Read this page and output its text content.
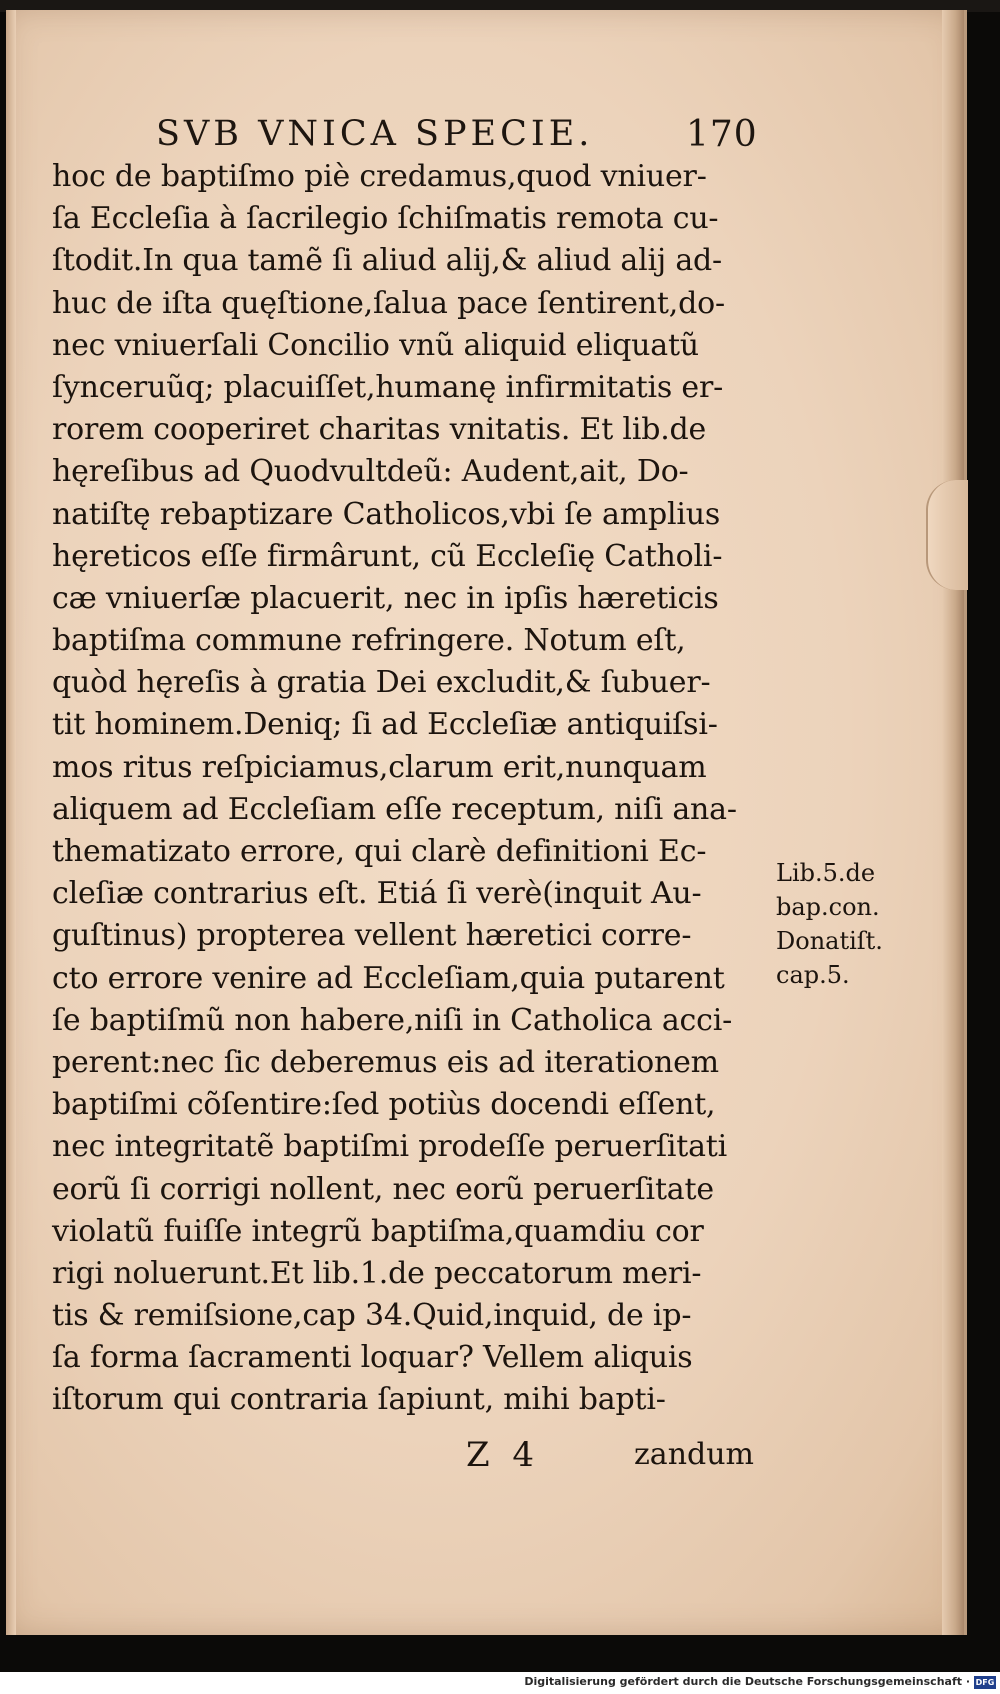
SVB VNICA SPECIE.	170
hoc de baptiſmo piè credamus,quod vniuer-
ſa Eccleſia à ſacrilegio ſchiſmatis remota cu-
ſtodit.In qua tamẽ ſi aliud alij,& aliud alij ad-
huc de iſta quęſtione,ſalua pace ſentirent,do-
nec vniuerſali Concilio vnũ aliquid eliquatũ
ſynceruũq; placuiſſet,humanę infirmitatis er-
rorem cooperiret charitas vnitatis. Et lib.de
hęreſibus ad Quodvultdeũ: Audent,ait, Do-
natiſtę rebaptizare Catholicos,vbi ſe amplius
hęreticos eſſe firmârunt, cũ Eccleſię Catholi-
cæ vniuerſæ placuerit, nec in ipſis hæreticis
baptiſma commune refringere. Notum eſt,
quòd hęreſis à gratia Dei excludit,& ſubuer-
tit hominem.Deniq; ſi ad Eccleſiæ antiquiſsi-
mos ritus reſpiciamus,clarum erit,nunquam
aliquem ad Eccleſiam eſſe receptum, niſi ana-
thematizato errore, qui clarè definitioni Ec-
cleſiæ contrarius eſt. Etiá ſi verè(inquit Au-
guſtinus) propterea vellent hæretici corre-
cto errore venire ad Eccleſiam,quia putarent
ſe baptiſmũ non habere,niſi in Catholica acci-
perent:nec ſic deberemus eis ad iterationem
baptiſmi cõſentire:ſed potiùs docendi eſſent,
nec integritatẽ baptiſmi prodeſſe peruerſitati
eorũ ſi corrigi nollent, nec eorũ peruerſitate
violatũ fuiſſe integrũ baptiſma,quamdiu cor
rigi noluerunt.Et lib.1.de peccatorum meri-
tis & remiſsione,cap 34.Quid,inquid, de ip-
ſa forma ſacramenti loquar? Vellem aliquis
iſtorum qui contraria ſapiunt, mihi bapti-
Lib.5.de
bap.con.
Donatiſt.
cap.5.
Z 4	zandum
Digitalisierung gefördert durch die Deutsche Forschungsgemeinschaft · DFG
